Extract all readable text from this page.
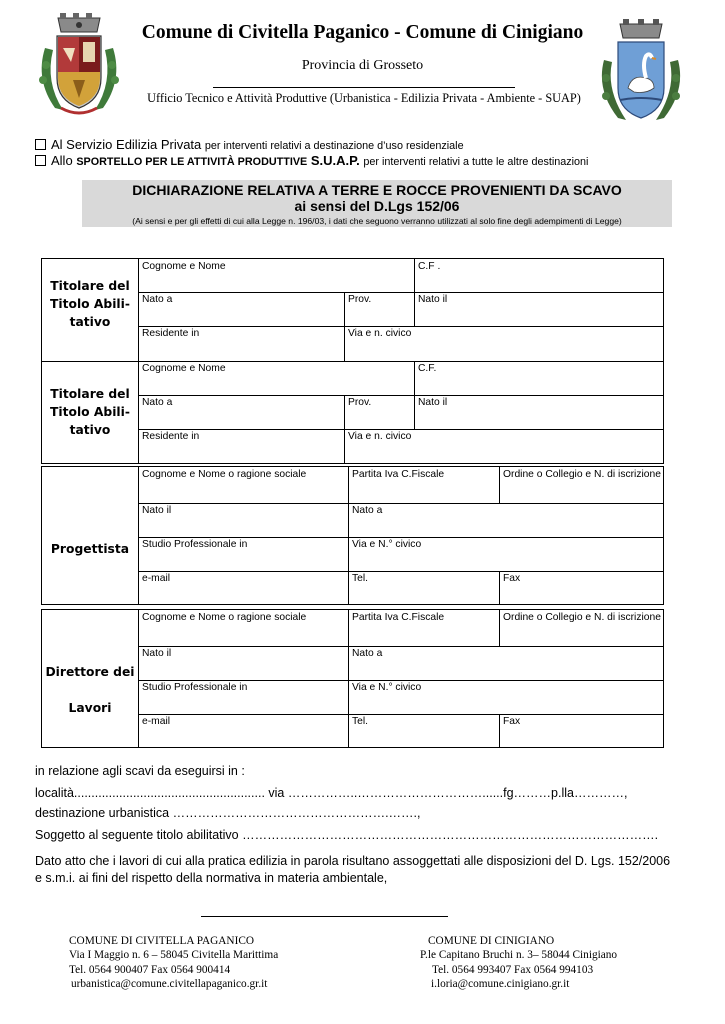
Comune di Civitella Paganico - Comune di Cinigiano
Provincia di Grosseto
Ufficio Tecnico e Attività Produttive (Urbanistica - Edilizia Privata - Ambiente - SUAP)
Al Servizio Edilizia Privata per interventi relativi a destinazione d’uso residenziale
Allo SPORTELLO PER LE ATTIVITÀ PRODUTTIVE S.U.A.P. per interventi relativi a tutte le altre destinazioni
DICHIARAZIONE RELATIVA A TERRE E ROCCE PROVENIENTI DA SCAVO
ai sensi del D.Lgs 152/06
(Ai sensi e per gli effetti di cui alla Legge n. 196/03, i dati che seguono verranno utilizzati al solo fine degli adempimenti di Legge)
Titolare del
Titolo Abili-
tativo
Cognome e Nome	C.F .
Nato a	Prov.	Nato il
Residente in	Via e n. civico
Titolare del
Titolo Abili-
tativo
Cognome e Nome	C.F.
Nato a	Prov.	Nato il
Residente in	Via e n. civico
Progettista
Cognome e Nome o ragione sociale	Partita Iva C.Fiscale	Ordine o Collegio e N. di iscrizione
Nato il	Nato a
Studio Professionale in	Via e N.° civico
e-mail	Tel.	Fax
Direttore dei
Lavori
Cognome e Nome o ragione sociale	Partita Iva C.Fiscale	Ordine o Collegio e N. di iscrizione
Nato il	Nato a
Studio Professionale in	Via e N.° civico
e-mail	Tel.	Fax
in relazione agli scavi da eseguirsi in :
località....................................................... via ……………..…………………………......fg………p.lla…………,
destinazione urbanistica …………………………………………….…….,
Soggetto al seguente titolo abilitativo ……………………………………………………………………………………….
Dato atto che i lavori di cui alla pratica edilizia in parola risultano assoggettati alle disposizioni del D. Lgs. 152/2006 e s.m.i. ai fini del rispetto della normativa in materia ambientale,
COMUNE DI CIVITELLA PAGANICO
Via I Maggio n. 6 – 58045 Civitella Marittima
Tel. 0564 900407 Fax 0564 900414
urbanistica@comune.civitellapaganico.gr.it
COMUNE DI CINIGIANO
P.le Capitano Bruchi n. 3– 58044 Cinigiano
Tel. 0564 993407 Fax 0564 994103
i.loria@comune.cinigiano.gr.it
